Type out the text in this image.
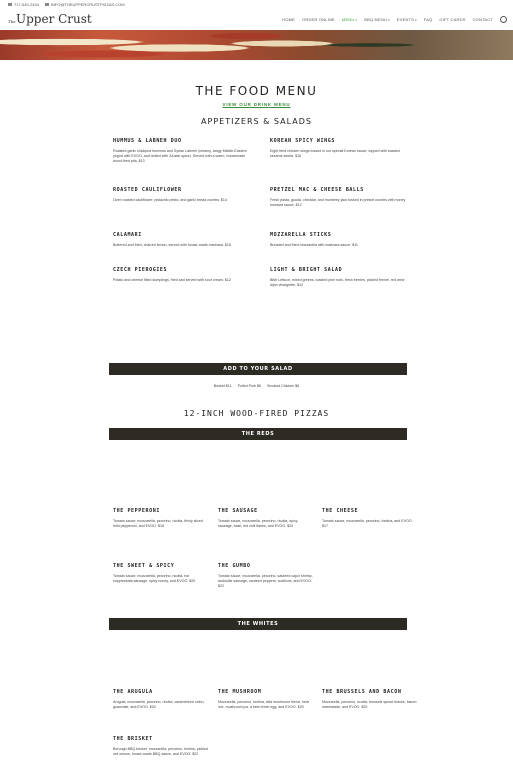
717-540-2444	INFO@THEUPPERCRUSTPIZZAS.COM
The Upper Crust	HOME ORDER ONLINE MENU▾ BBQ MENU▾ EVENTS▾ FAQ GIFT CARDS CONTACT
THE FOOD MENU
VIEW OUR DRINK MENU
APPETIZERS & SALADS
HUMMUS & LABNEH DUO
Roasted garlic chickpea hummus and Syrian Labneh (creamy, tangy Middle-Eastern yogurt with EVOO, and dotted with Za'atar spice). Served with a warm, housemade wood-fired pita. $13
KOREAN SPICY WINGS
Eight fried chicken wings tossed in our special Korean sauce, topped with toasted sesame seeds. $16
ROASTED CAULIFLOWER
Oven roasted cauliflower, pistachio pesto, and garlic bread crumbs. $14
PRETZEL MAC & CHEESE BALLS
Fresh pasta, gouda, cheddar, and monterey jack tossed in pretzel crumbs with honey mustard sauce. $12
CALAMARI
Buttered and fried, charred lemon, served with house-made marinara. $16
MOZZARELLA STICKS
Breaded and fried mozzarella with marinara sauce. $11
CZECH PIEROGIES
Potato and cheese filled dumplings, fried and served with sour cream. $12
LIGHT & BRIGHT SALAD
Bibb Lettuce, mixed greens, toasted pine nuts, fresh berries, pickled fennel, red wine dijon vinaigrette. $12
ADD TO YOUR SALAD
Brisket $11 Pulled Pork $6 Smoked Chicken $6
12-INCH WOOD-FIRED PIZZAS
THE REDS
THE PEPPERONI
Tomato sauce, mozzarella, pecorino, ricotta, thinly sliced mild pepperoni, and EVOO. $18
THE SAUSAGE
Tomato sauce, mozzarella, pecorino, ricotta, spicy sausage, basil, red chili flakes, and EVOO. $20
THE CHEESE
Tomato sauce, mozzarella, pecorino, fontina, and EVOO. $17
THE SWEET & SPICY
Tomato sauce, mozzarella, pecorino, ricotta, hot soppressata sausage, spicy honey, and EVOO. $20
THE GUMBO
Tomato sauce, mozzarella, pecorino, sauteed cajun shrimp, andouille sausage, sauteed peppers, scallions, and EVOO. $22
THE WHITES
THE ARUGULA
Arugula, mozzarella, pecorino, ricotta, caramelized onion, guanciale, and EVOO. $20
THE MUSHROOM
Mozzarella, pecorino, fontina, wild mushroom blend, herb mix, mushroom jus, a farm fresh egg, and EVOO. $20
THE BRUSSELS AND BACON
Mozzarella, pecorino, ricotta, brussels sprout leaves, bacon marmalade, and EVOO. $20
THE BRISKET
Borough BBQ brisket, mozzarella, pecorino, fontina, pickled red onions, house-made BBQ sauce, and EVOO. $22
